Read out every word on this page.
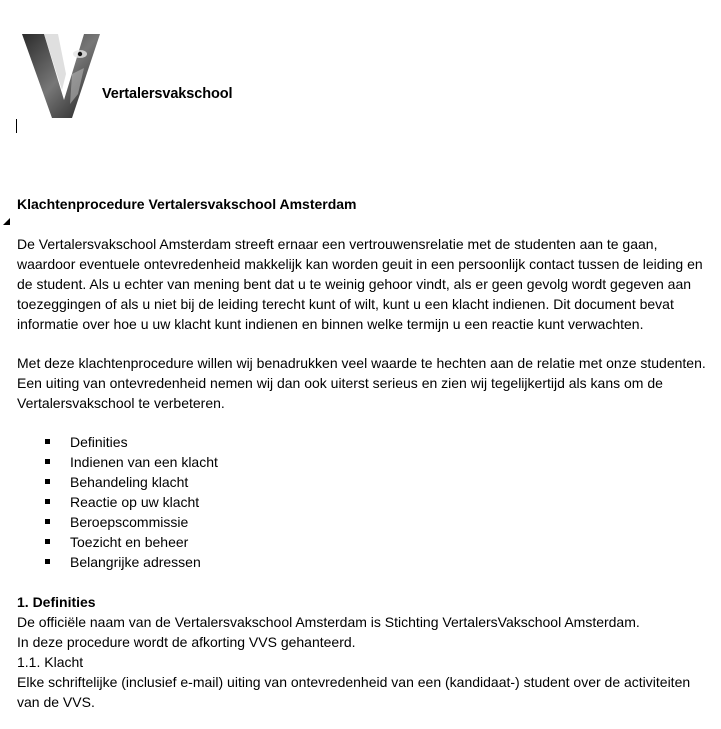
Vertalersvakschool
Klachtenprocedure Vertalersvakschool Amsterdam

De Vertalersvakschool Amsterdam streeft ernaar een vertrouwensrelatie met de studenten aan te gaan, waardoor eventuele ontevredenheid makkelijk kan worden geuit in een persoonlijk contact tussen de leiding en de student. Als u echter van mening bent dat u te weinig gehoor vindt, als er geen gevolg wordt gegeven aan toezeggingen of als u niet bij de leiding terecht kunt of wilt, kunt u een klacht indienen. Dit document bevat informatie over hoe u uw klacht kunt indienen en binnen welke termijn u een reactie kunt verwachten.

Met deze klachtenprocedure willen wij benadrukken veel waarde te hechten aan de relatie met onze studenten. Een uiting van ontevredenheid nemen wij dan ook uiterst serieus en zien wij tegelijkertijd als kans om de Vertalersvakschool te verbeteren.

Definities
Indienen van een klacht
Behandeling klacht
Reactie op uw klacht
Beroepscommissie
Toezicht en beheer
Belangrijke adressen
1. Definities
De officiële naam van de Vertalersvakschool Amsterdam is Stichting VertalersVakschool Amsterdam.
In deze procedure wordt de afkorting VVS gehanteerd.
1.1. Klacht
Elke schriftelijke (inclusief e-mail) uiting van ontevredenheid van een (kandidaat-) student over de activiteiten van de VVS.
